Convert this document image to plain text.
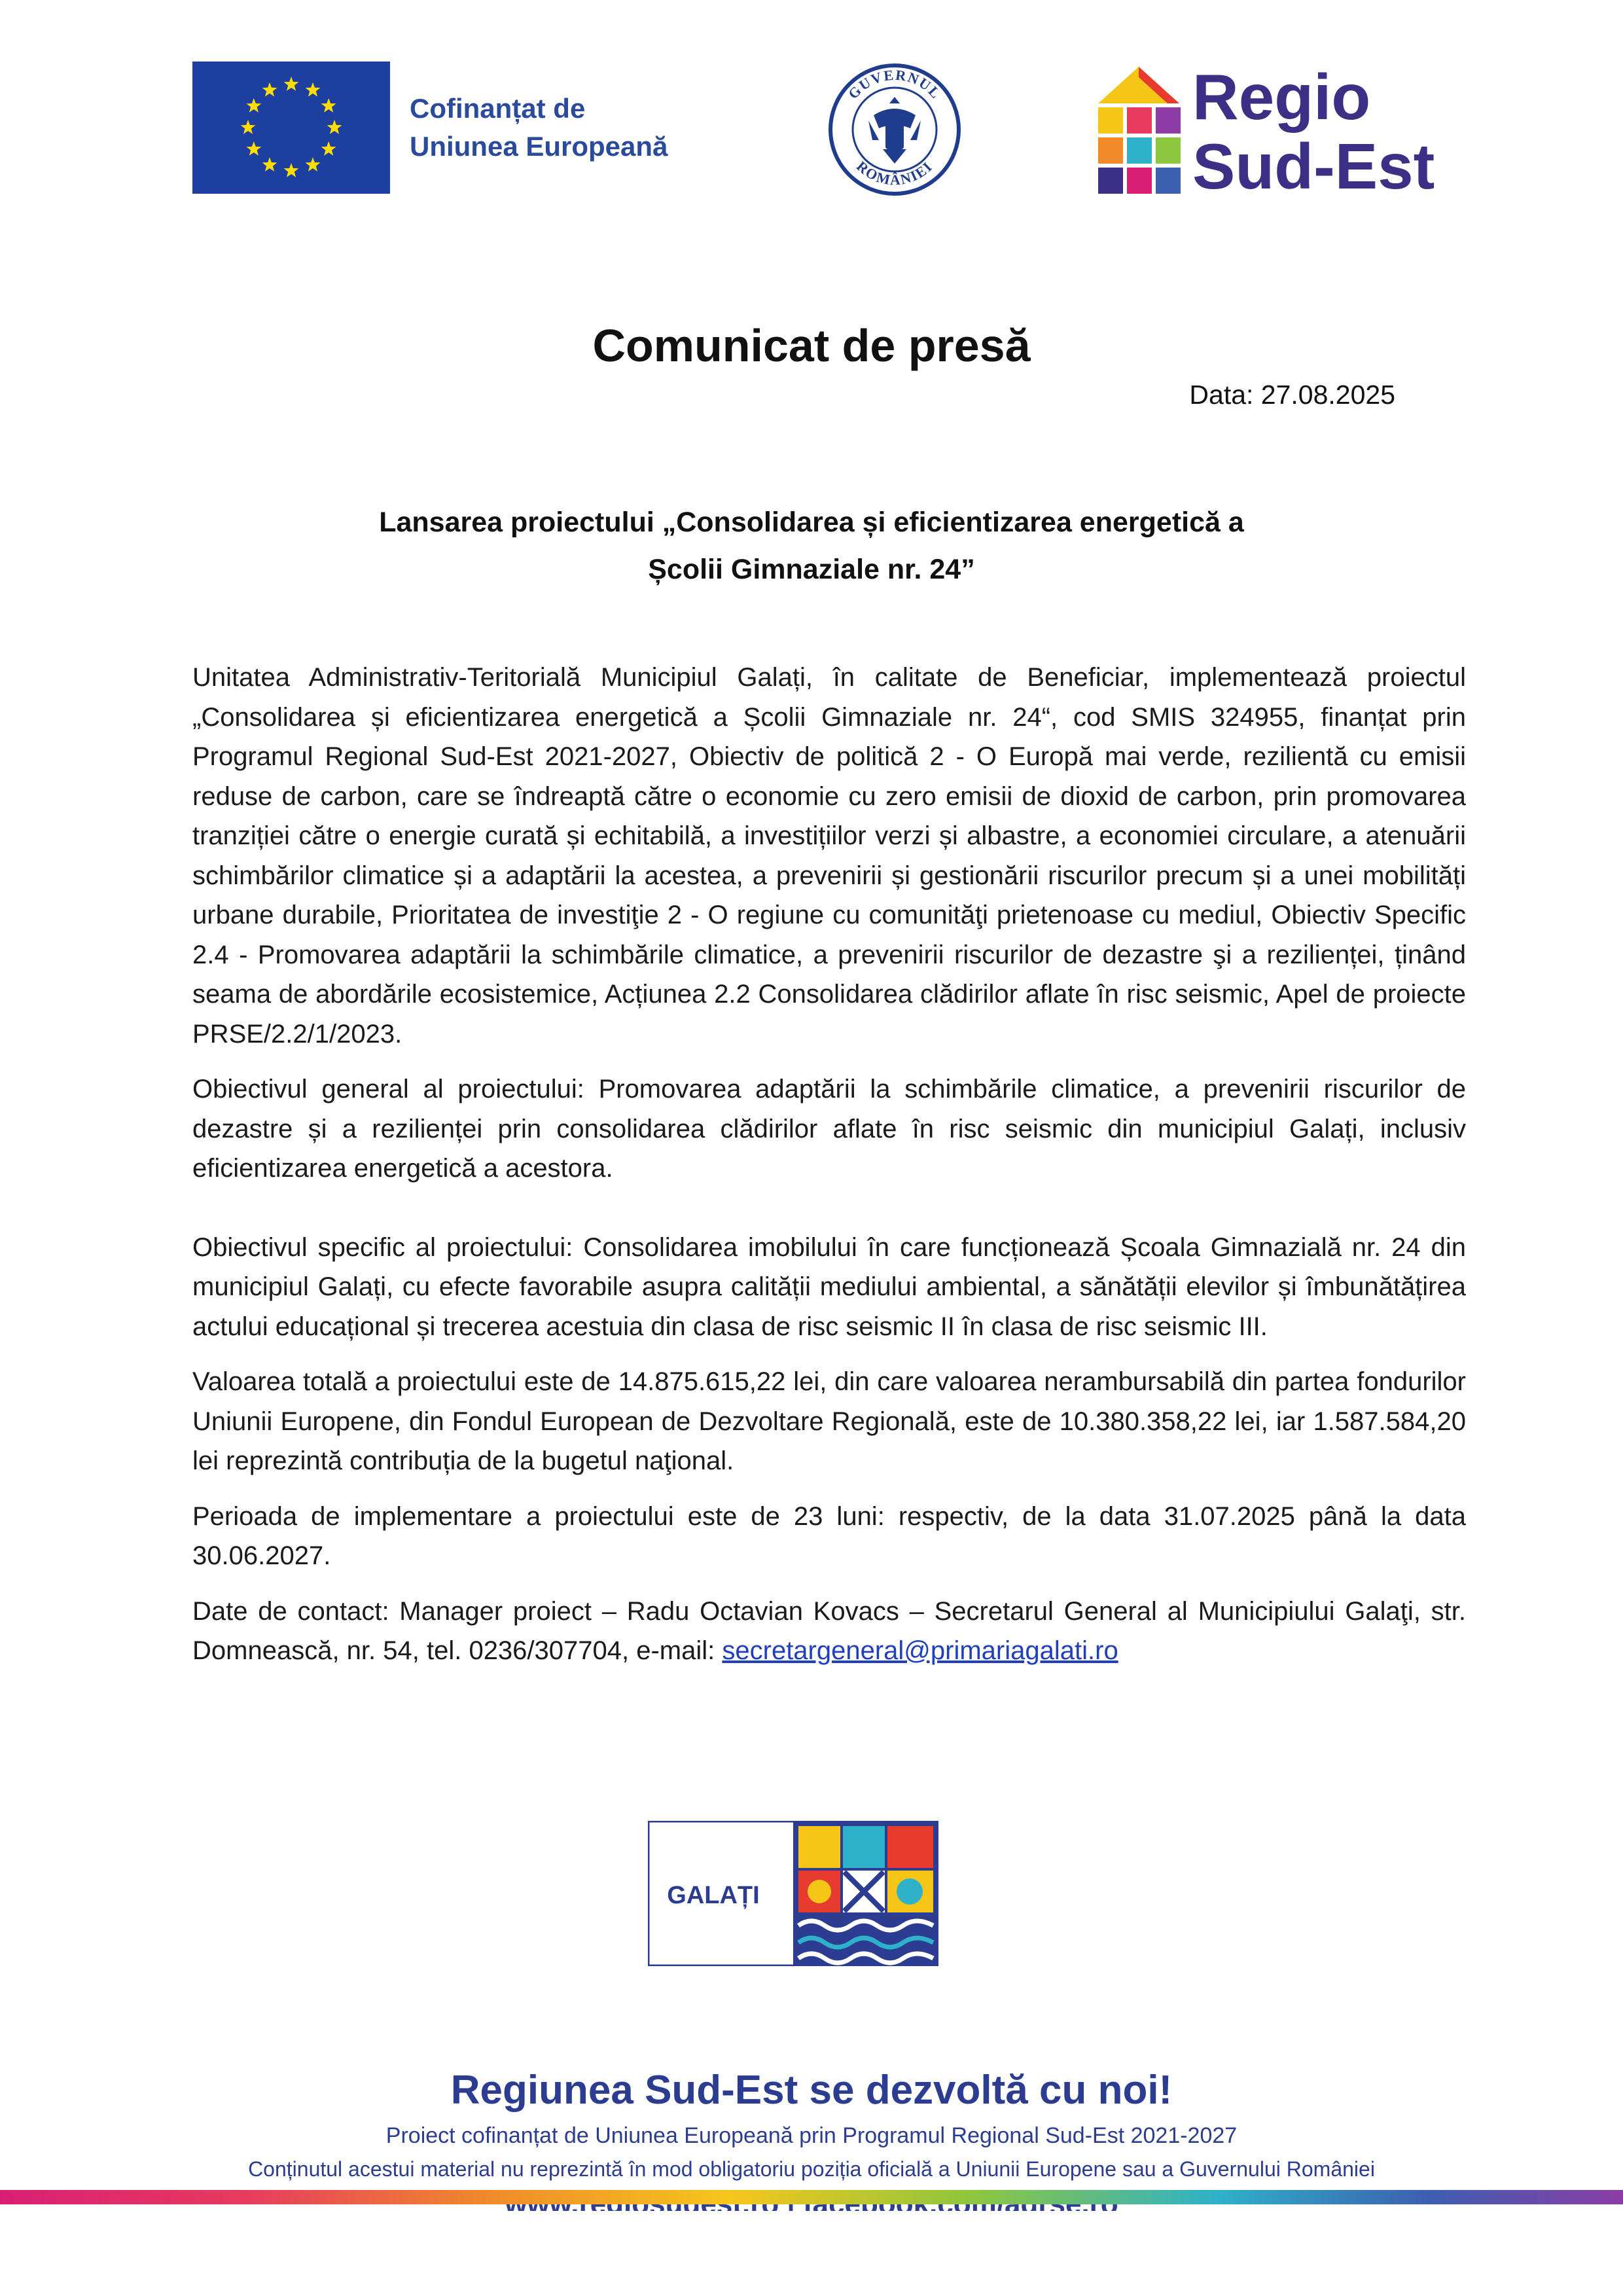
Cofinanțat de
Uniunea Europeană
GUVERNUL
ROMÂNIEI
Regio
Sud-Est
Comunicat de presă
Data: 27.08.2025
Lansarea proiectului „Consolidarea și eficientizarea energetică a
Școlii Gimnaziale nr. 24”

Unitatea Administrativ-Teritorială Municipiul Galați, în calitate de Beneficiar, implementează proiectul „Consolidarea și eficientizarea energetică a Școlii Gimnaziale nr. 24“, cod SMIS 324955, finanțat prin Programul Regional Sud-Est 2021-2027, Obiectiv de politică 2 - O Europă mai verde, rezilientă cu emisii reduse de carbon, care se îndreaptă către o economie cu zero emisii de dioxid de carbon, prin promovarea tranziției către o energie curată și echitabilă, a investițiilor verzi și albastre, a economiei circulare, a atenuării schimbărilor climatice și a adaptării la acestea, a prevenirii și gestionării riscurilor precum și a unei mobilități urbane durabile, Prioritatea de investiţie 2 - O regiune cu comunităţi prietenoase cu mediul, Obiectiv Specific 2.4 - Promovarea adaptării la schimbările climatice, a prevenirii riscurilor de dezastre şi a rezilienței, ținând seama de abordările ecosistemice, Acțiunea 2.2 Consolidarea clădirilor aflate în risc seismic, Apel de proiecte PRSE/2.2/1/2023.

Obiectivul general al proiectului: Promovarea adaptării la schimbările climatice, a prevenirii riscurilor de dezastre și a rezilienței prin consolidarea clădirilor aflate în risc seismic din municipiul Galați, inclusiv eficientizarea energetică a acestora.

Obiectivul specific al proiectului: Consolidarea imobilului în care funcționează Școala Gimnazială nr. 24 din municipiul Galați, cu efecte favorabile asupra calității mediului ambiental, a sănătății elevilor și îmbunătățirea actului educațional și trecerea acestuia din clasa de risc seismic II în clasa de risc seismic III.

Valoarea totală a proiectului este de 14.875.615,22 lei, din care valoarea nerambursabilă din partea fondurilor Uniunii Europene, din Fondul European de Dezvoltare Regională, este de 10.380.358,22 lei, iar 1.587.584,20 lei reprezintă contribuția de la bugetul naţional.

Perioada de implementare a proiectului este de 23 luni: respectiv, de la data 31.07.2025 până la data 30.06.2027.

Date de contact: Manager proiect – Radu Octavian Kovacs – Secretarul General al Municipiului Galaţi, str. Domnească, nr. 54, tel. 0236/307704, e-mail: secretargeneral@primariagalati.ro

GALAȚI
Regiunea Sud-Est se dezvoltă cu noi!
Proiect cofinanțat de Uniunea Europeană prin Programul Regional Sud-Est 2021-2027
Conținutul acestui material nu reprezintă în mod obligatoriu poziția oficială a Uniunii Europene sau a Guvernului României
